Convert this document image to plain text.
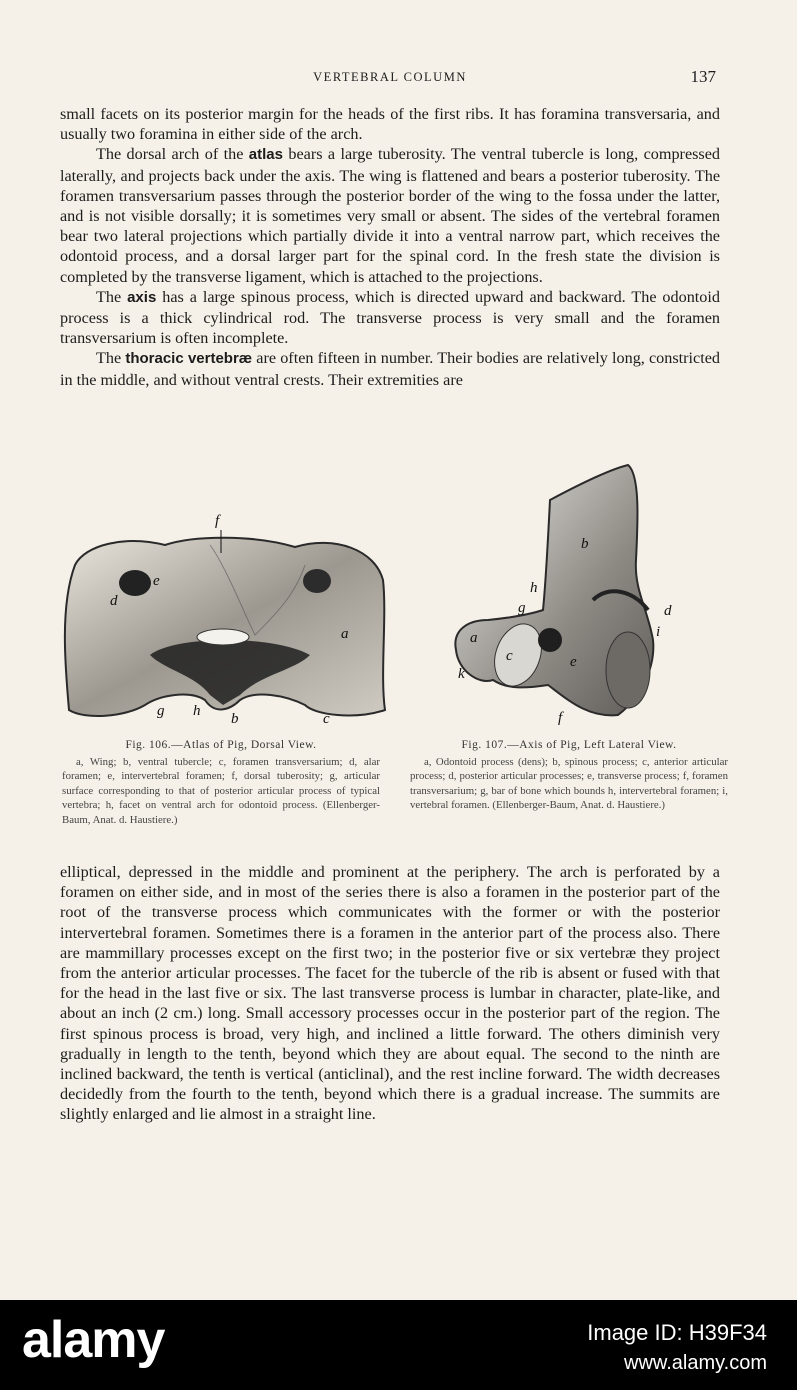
VERTEBRAL COLUMN	137

small facets on its posterior margin for the heads of the first ribs. It has foramina transversaria, and usually two foramina in either side of the arch.

The dorsal arch of the atlas bears a large tuberosity. The ventral tubercle is long, compressed laterally, and projects back under the axis. The wing is flattened and bears a posterior tuberosity. The foramen transversarium passes through the posterior border of the wing to the fossa under the latter, and is not visible dorsally; it is sometimes very small or absent. The sides of the vertebral foramen bear two lateral projections which partially divide it into a ventral narrow part, which receives the odontoid process, and a dorsal larger part for the spinal cord. In the fresh state the division is completed by the transverse ligament, which is attached to the projections.

The axis has a large spinous process, which is directed upward and backward. The odontoid process is a thick cylindrical rod. The transverse process is very small and the foramen transversarium is often incomplete.

The thoracic vertebræ are often fifteen in number. Their bodies are relatively long, constricted in the middle, and without ventral crests. Their extremities are

f
e
d
a
g h b	c
b
h
g	d
i
a
c	e
k
f
Fig. 106.—Atlas of Pig, Dorsal View.
a, Wing; b, ventral tubercle; c, foramen transversarium; d, alar foramen; e, intervertebral foramen; f, dorsal tuberosity; g, articular surface corresponding to that of posterior articular process of typical vertebra; h, facet on ventral arch for odontoid process. (Ellenberger-Baum, Anat. d. Haustiere.)
Fig. 107.—Axis of Pig, Left Lateral View.
a, Odontoid process (dens); b, spinous process; c, anterior articular process; d, posterior articular processes; e, transverse process; f, foramen transversarium; g, bar of bone which bounds h, intervertebral foramen; i, vertebral foramen. (Ellenberger-Baum, Anat. d. Haustiere.)

elliptical, depressed in the middle and prominent at the periphery. The arch is perforated by a foramen on either side, and in most of the series there is also a foramen in the posterior part of the root of the transverse process which communicates with the former or with the posterior intervertebral foramen. Sometimes there is a foramen in the anterior part of the process also. There are mammillary processes except on the first two; in the posterior five or six vertebræ they project from the anterior articular processes. The facet for the tubercle of the rib is absent or fused with that for the head in the last five or six. The last transverse process is lumbar in character, plate-like, and about an inch (2 cm.) long. Small accessory processes occur in the posterior part of the region. The first spinous process is broad, very high, and inclined a little forward. The others diminish very gradually in length to the tenth, beyond which they are about equal. The second to the ninth are inclined backward, the tenth is vertical (anticlinal), and the rest incline forward. The width decreases decidedly from the fourth to the tenth, beyond which there is a gradual increase. The summits are slightly enlarged and lie almost in a straight line.

alamy	Image ID: H39F34
www.alamy.com
